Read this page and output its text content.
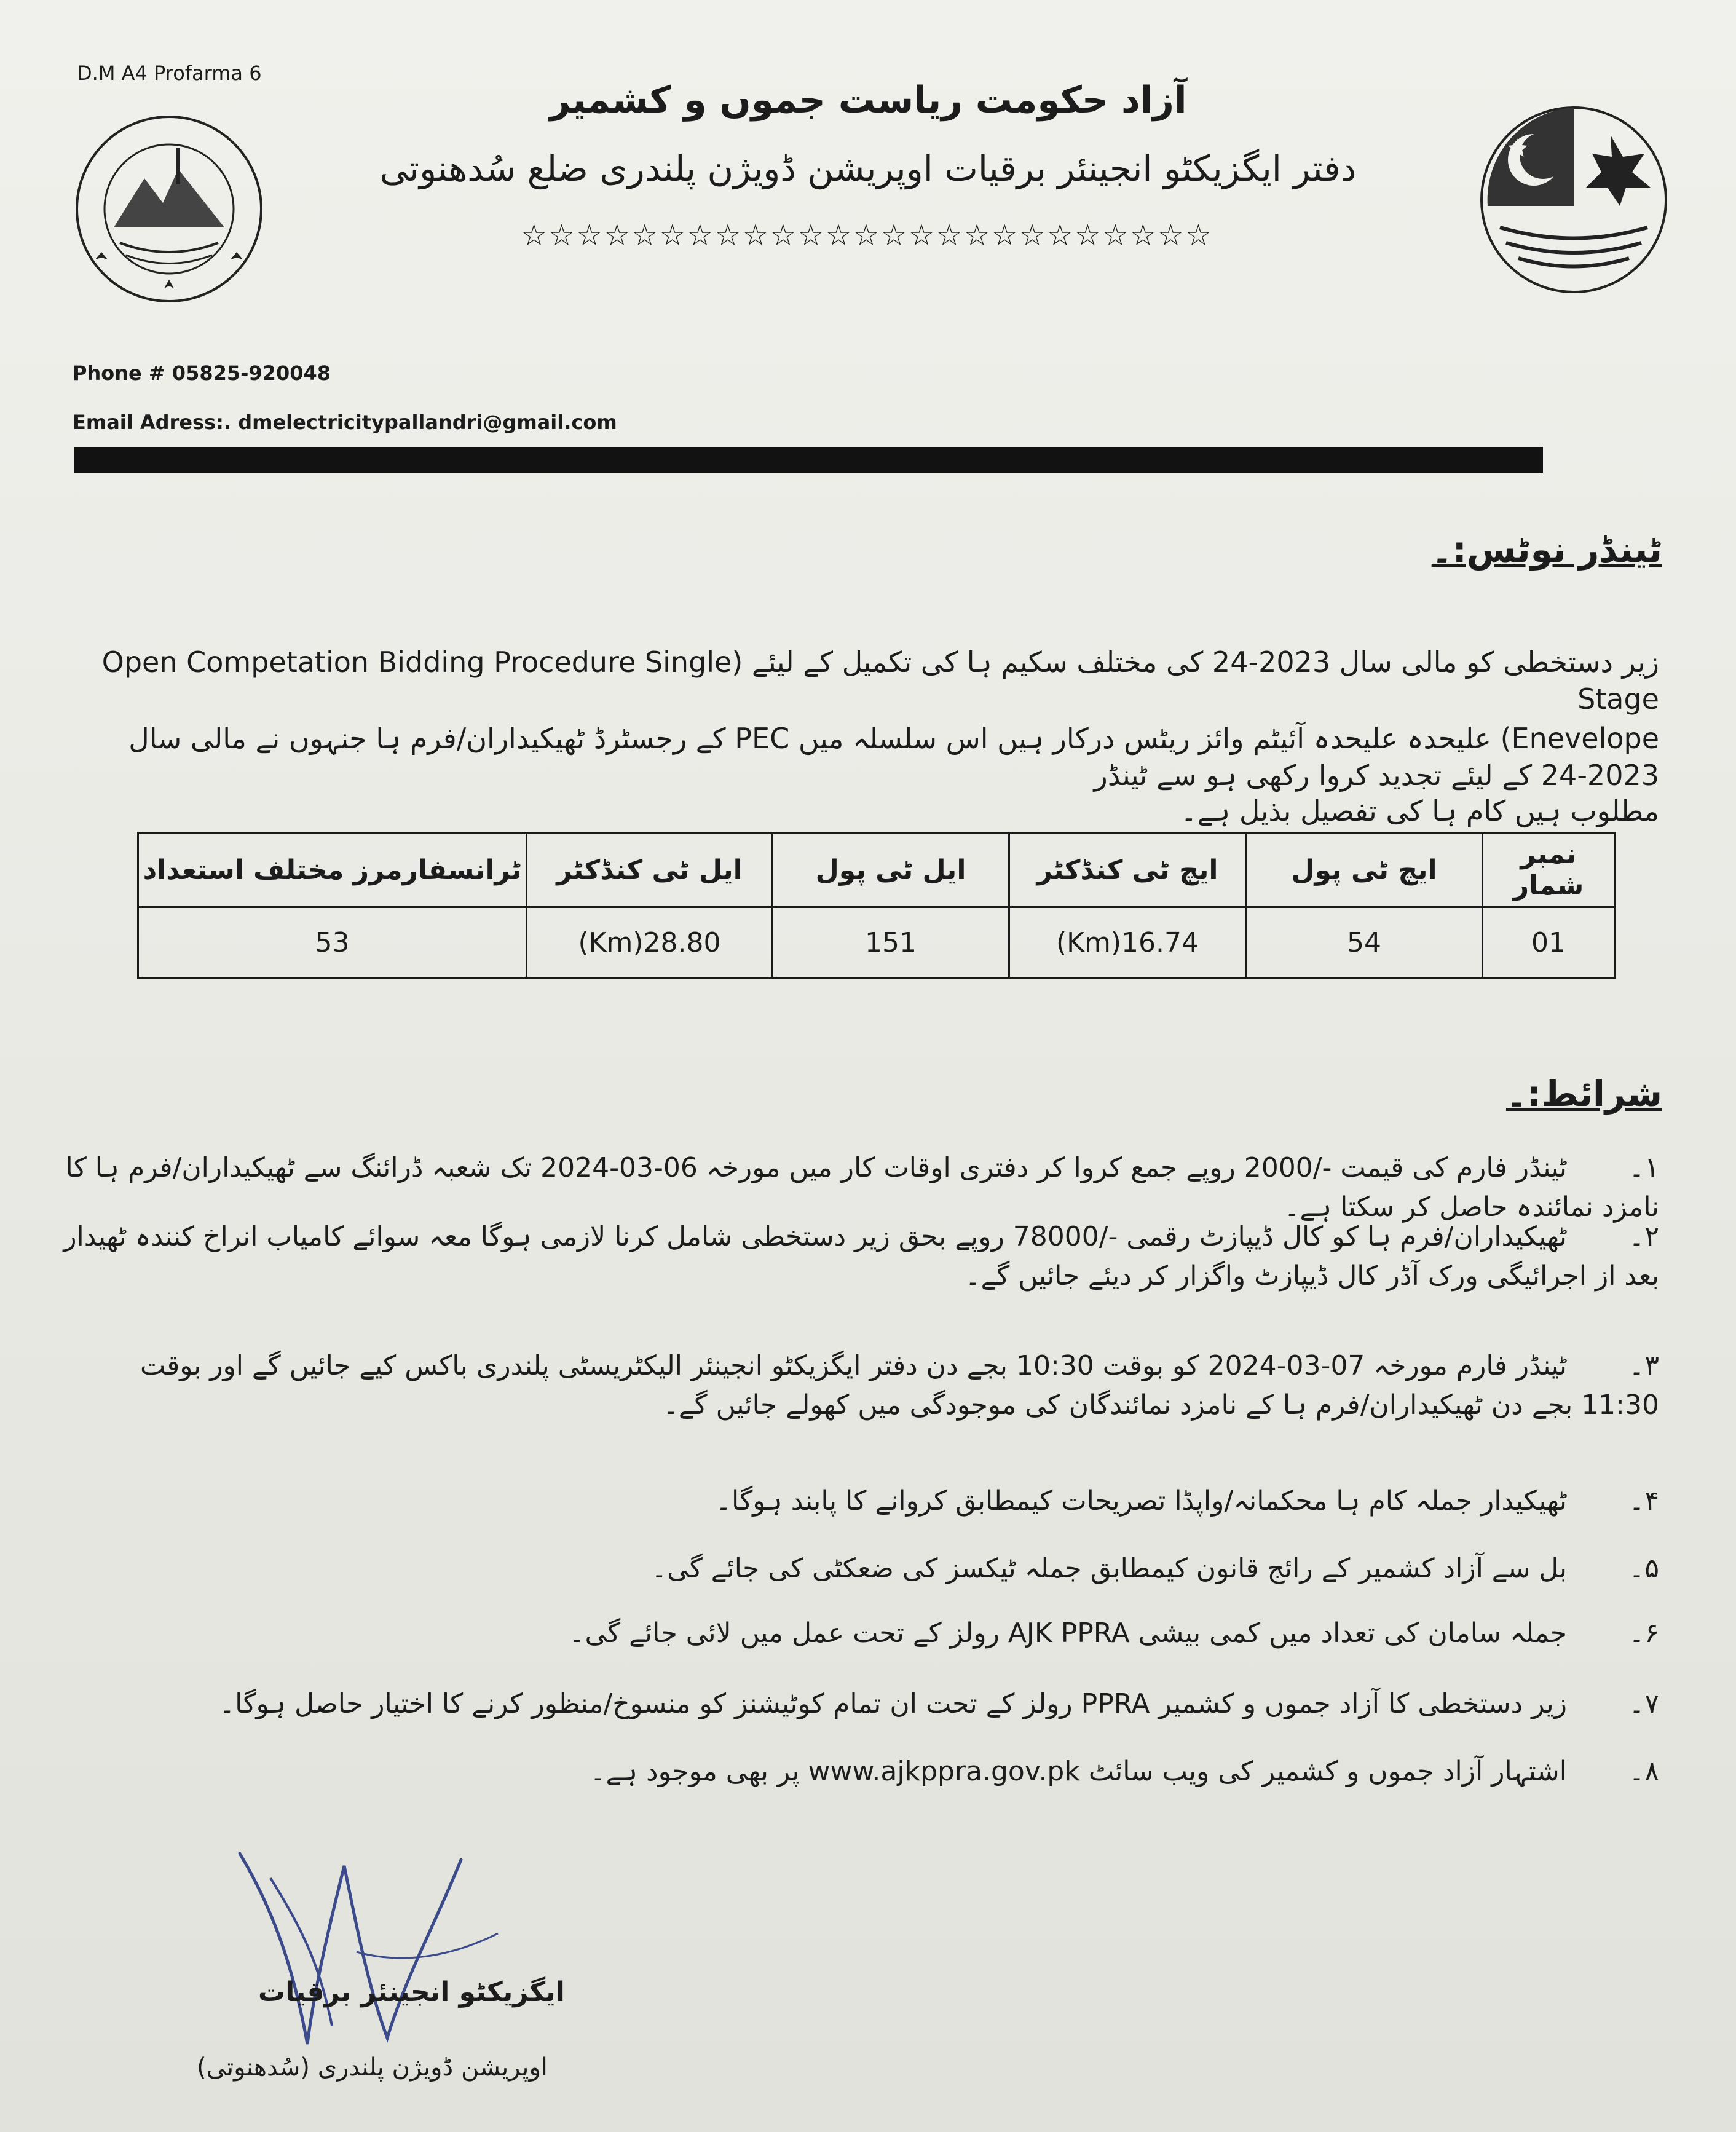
D.M A4 Profarma 6
آزاد حکومت ریاست جموں و کشمیر
دفتر ایگزیکٹو انجینئر برقیات اوپریشن ڈویژن پلندری ضلع سُدھنوتی
☆☆☆☆☆☆☆☆☆☆☆☆☆☆☆☆☆☆☆☆☆☆☆☆☆
Phone # 05825-920048
Email Adress:. dmelectricitypallandri@gmail.com
ٹینڈر نوٹس:۔
زیر دستخطی کو مالی سال 2023-24 کی مختلف سکیم ہا کی تکمیل کے لیئے (Open Competation Bidding Procedure Single Stage
Enevelope) علیحدہ علیحدہ آئیٹم وائز ریٹس درکار ہیں اس سلسلہ میں PEC کے رجسٹرڈ ٹھیکیداران/فرم ہا جنہوں نے مالی سال 2023-24 کے لیئے تجدید کروا رکھی ہو سے ٹینڈر
مطلوب ہیں کام ہا کی تفصیل بذیل ہے۔
نمبر شمار	ایچ ٹی پول	ایچ ٹی کنڈکٹر	ایل ٹی پول	ایل ٹی کنڈکٹر	ٹرانسفارمرز مختلف استعداد
01	54	16.74(Km)	151	28.80(Km)	53
شرائط:۔
۱۔ٹینڈر فارم کی قیمت -/2000 روپے جمع کروا کر دفتری اوقات کار میں مورخہ 06-03-2024 تک شعبہ ڈرائنگ سے ٹھیکیداران/فرم ہا کا نامزد نمائندہ حاصل کر سکتا ہے۔
۲۔ٹھیکیداران/فرم ہا کو کال ڈیپازٹ رقمی -/78000 روپے بحق زیر دستخطی شامل کرنا لازمی ہوگا معہ سوائے کامیاب انراخ کنندہ ٹھیدار بعد از اجرائیگی ورک آڈر کال ڈیپازٹ واگزار کر دیئے جائیں گے۔
۳۔ٹینڈر فارم مورخہ 07-03-2024 کو بوقت 10:30 بجے دن دفتر ایگزیکٹو انجینئر الیکٹریسٹی پلندری باکس کیے جائیں گے اور بوقت 11:30 بجے دن ٹھیکیداران/فرم ہا کے نامزد نمائندگان کی موجودگی میں کھولے جائیں گے۔
۴۔ٹھیکیدار جملہ کام ہا محکمانہ/واپڈا تصریحات کیمطابق کروانے کا پابند ہوگا۔
۵۔بل سے آزاد کشمیر کے رائج قانون کیمطابق جملہ ٹیکسز کی ضعکٹی کی جائے گی۔
۶۔جملہ سامان کی تعداد میں کمی بیشی AJK PPRA رولز کے تحت عمل میں لائی جائے گی۔
۷۔زیر دستخطی کا آزاد جموں و کشمیر PPRA رولز کے تحت ان تمام کوٹیشنز کو منسوخ/منظور کرنے کا اختیار حاصل ہوگا۔
۸۔اشتہار آزاد جموں و کشمیر کی ویب سائٹ www.ajkppra.gov.pk پر بھی موجود ہے۔
ایگزیکٹو انجینئر برقیات
اوپریشن ڈویژن پلندری (سُدھنوتی)
